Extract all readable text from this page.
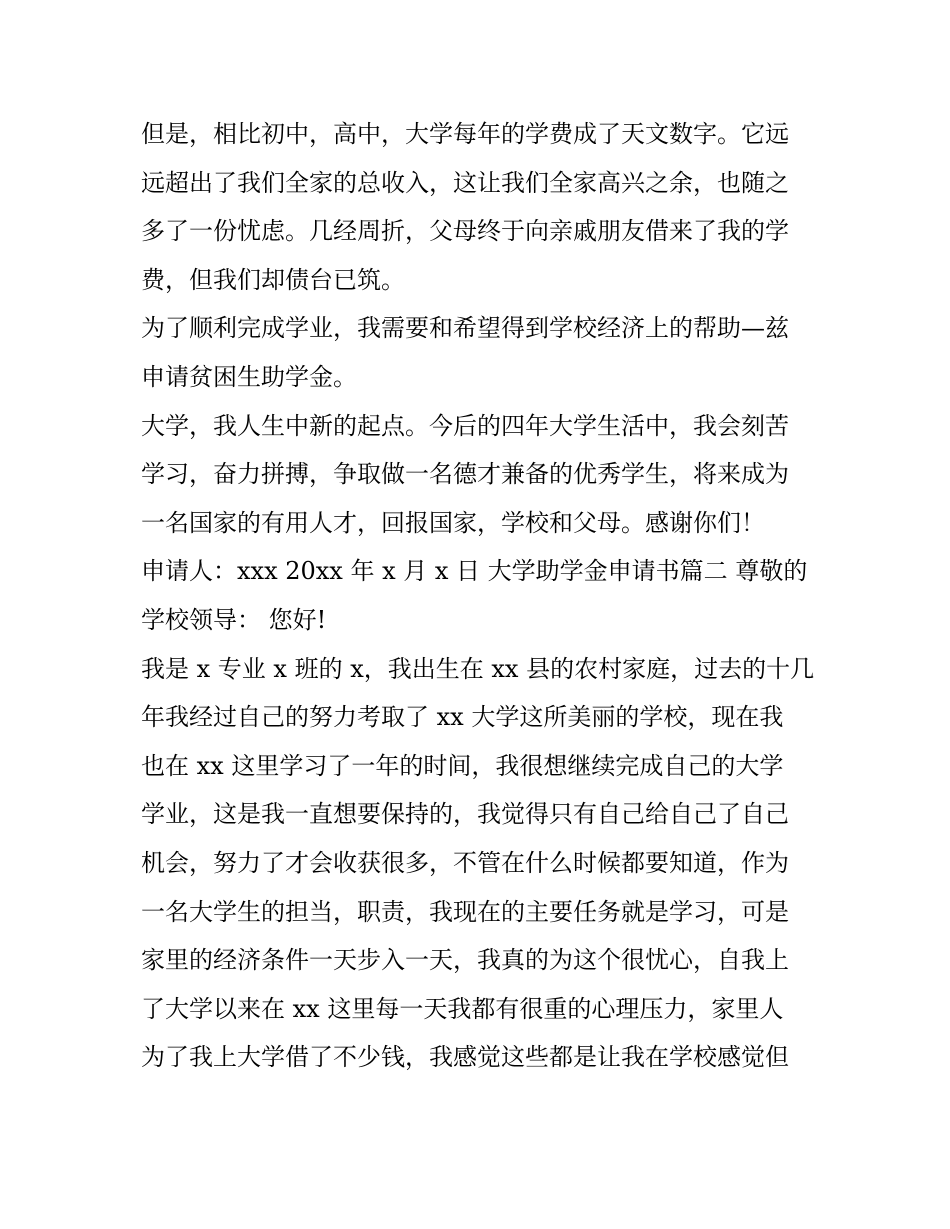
但是，相比初中，高中，大学每年的学费成了天文数字。它远
远超出了我们全家的总收入，这让我们全家高兴之余，也随之
多了一份忧虑。几经周折，父母终于向亲戚朋友借来了我的学
费，但我们却债台已筑。
为了顺利完成学业，我需要和希望得到学校经济上的帮助—兹
申请贫困生助学金。
大学，我人生中新的起点。今后的四年大学生活中，我会刻苦
学习，奋力拼搏，争取做一名德才兼备的优秀学生，将来成为
一名国家的有用人才，回报国家，学校和父母。感谢你们！
申请人：xxx 20xx 年 x 月 x 日 大学助学金申请书篇二 尊敬的
学校领导： 您好!
我是 x 专业 x 班的 x，我出生在 xx 县的农村家庭，过去的十几
年我经过自己的努力考取了 xx 大学这所美丽的学校，现在我
也在 xx 这里学习了一年的时间，我很想继续完成自己的大学
学业，这是我一直想要保持的，我觉得只有自己给自己了自己
机会，努力了才会收获很多，不管在什么时候都要知道，作为
一名大学生的担当，职责，我现在的主要任务就是学习，可是
家里的经济条件一天步入一天，我真的为这个很忧心，自我上
了大学以来在 xx 这里每一天我都有很重的心理压力，家里人
为了我上大学借了不少钱，我感觉这些都是让我在学校感觉但
